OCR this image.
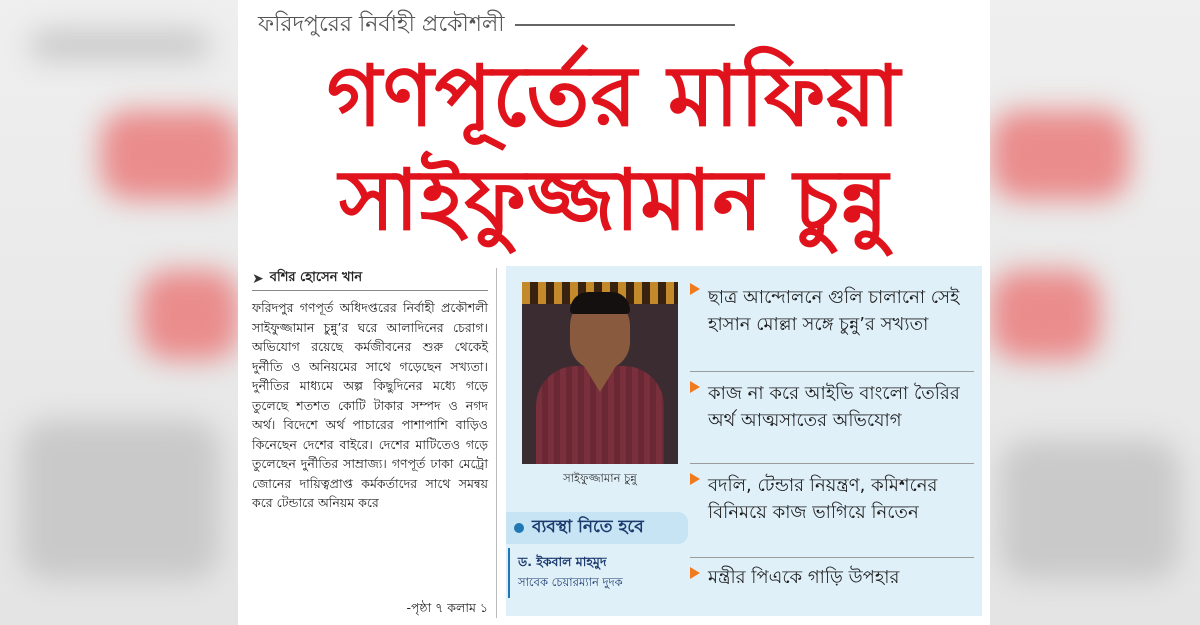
ফরিদপুরের নির্বাহী প্রকৌশলী
গণপূর্তের মাফিয়া
সাইফুজ্জামান চুন্নু
➤ বশির হোসেন খান
ফরিদপুর গণপূর্ত অধিদপ্তরের নির্বাহী প্রকৌশলী সাইফুজ্জামান চুন্নু’র ঘরে আলাদিনের চেরাগ। অভিযোগ রয়েছে কর্মজীবনের শুরু থেকেই দুর্নীতি ও অনিয়মের সাথে গড়েছেন সখ্যতা। দুর্নীতির মাধ্যমে অল্প কিছুদিনের মধ্যে গড়ে তুলেছে শতশত কোটি টাকার সম্পদ ও নগদ অর্থ। বিদেশে অর্থ পাচারের পাশাপাশি বাড়িও কিনেছেন দেশের বাইরে। দেশের মাটিতেও গড়ে তুলেছেন দুর্নীতির সাম্রাজ্য। গণপূর্ত ঢাকা মেট্রো জোনের দায়িত্বপ্রাপ্ত কর্মকর্তাদের সাথে সমন্বয় করে টেন্ডারে অনিয়ম করে
-পৃষ্ঠা ৭ কলাম ১
সাইফুজ্জামান চুন্নু
ব্যবস্থা নিতে হবে
ড. ইকবাল মাহমুদ
সাবেক চেয়ারম্যান দুদক
ছাত্র আন্দোলনে গুলি চালানো সেই হাসান মোল্লা সঙ্গে চুন্নু’র সখ্যতা
কাজ না করে আইভি বাংলো তৈরির অর্থ আত্মসাতের অভিযোগ
বদলি, টেন্ডার নিয়ন্ত্রণ, কমিশনের বিনিময়ে কাজ ভাগিয়ে নিতেন
মন্ত্রীর পিএকে গাড়ি উপহার
